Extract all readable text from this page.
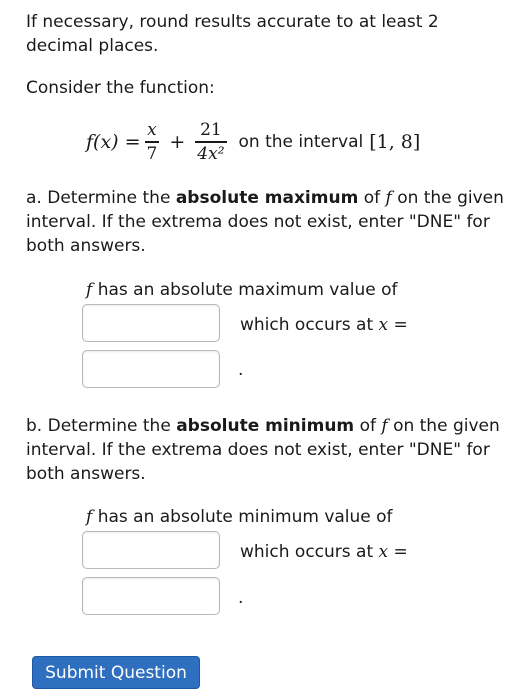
If necessary, round results accurate to at least 2 decimal places.
Consider the function:
$f(x) = \frac{x}{7} + \frac{21}{\text{4x²}}$ on the interval [1, 8]
a. Determine the absolute maximum of f on the given interval. If the extrema does not exist, enter "DNE" for both answers.
f has an absolute maximum value of
which occurs at x =
.
b. Determine the absolute minimum of f on the given interval. If the extrema does not exist, enter "DNE" for both answers.
f has an absolute minimum value of
which occurs at x =
.
Submit Question
